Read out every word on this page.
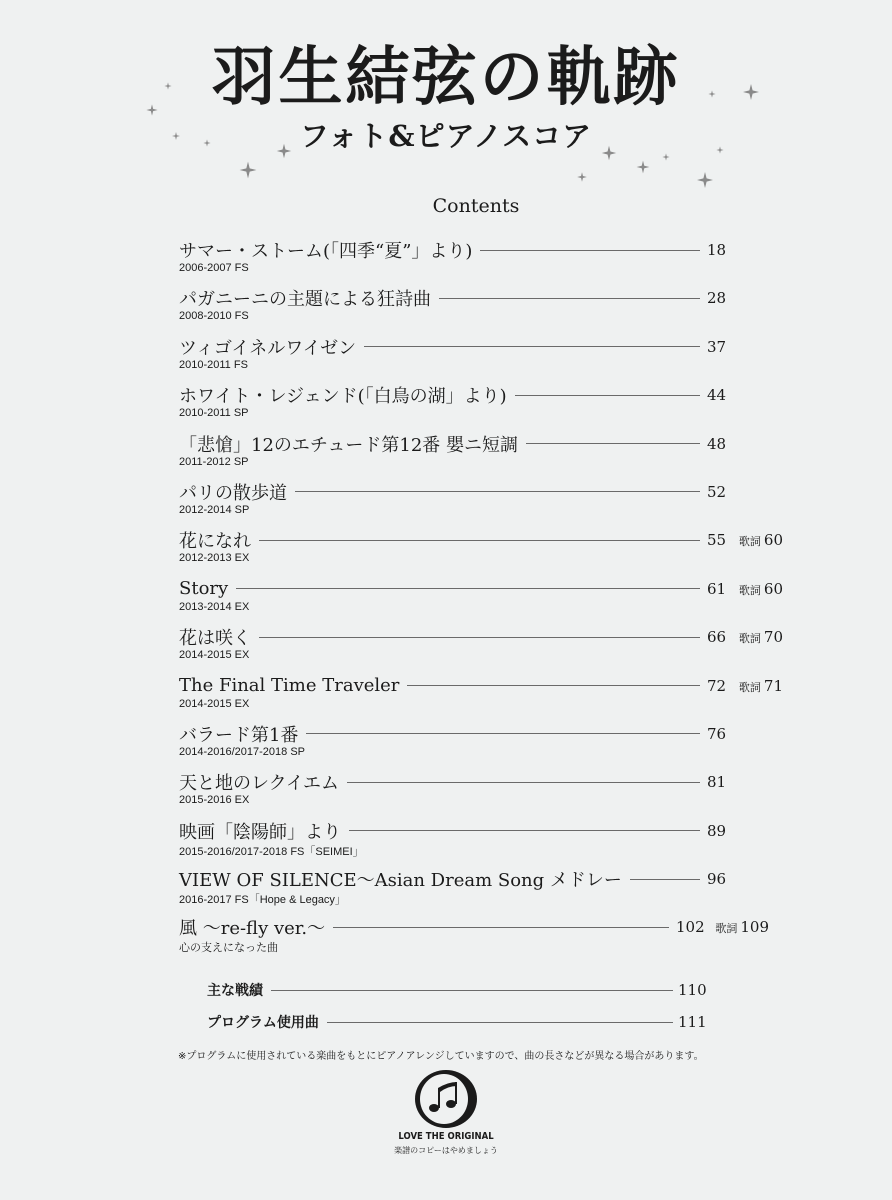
羽生結弦の軌跡
フォト&ピアノスコア
Contents
サマー・ストーム(「四季“夏”」より)	18
2006-2007 FS
パガニーニの主題による狂詩曲	28
2008-2010 FS
ツィゴイネルワイゼン	37
2010-2011 FS
ホワイト・レジェンド(「白鳥の湖」より)	44
2010-2011 SP
「悲愴」12のエチュード第12番 嬰ニ短調	48
2011-2012 SP
パリの散歩道	52
2012-2014 SP
花になれ	55	歌詞 60
2012-2013 EX
Story	61	歌詞 60
2013-2014 EX
花は咲く	66	歌詞 70
2014-2015 EX
The Final Time Traveler	72	歌詞 71
2014-2015 EX
バラード第1番	76
2014-2016/2017-2018 SP
天と地のレクイエム	81
2015-2016 EX
映画「陰陽師」より	89
2015-2016/2017-2018 FS「SEIMEI」
VIEW OF SILENCE～Asian Dream Song メドレー	96
2016-2017 FS「Hope & Legacy」
風 ～re-fly ver.～	102 歌詞 109
心の支えになった曲
主な戦績	110
プログラム使用曲	111
※プログラムに使用されている楽曲をもとにピアノアレンジしていますので、曲の長さなどが異なる場合があります。
LOVE THE ORIGINAL
楽譜のコピーはやめましょう
